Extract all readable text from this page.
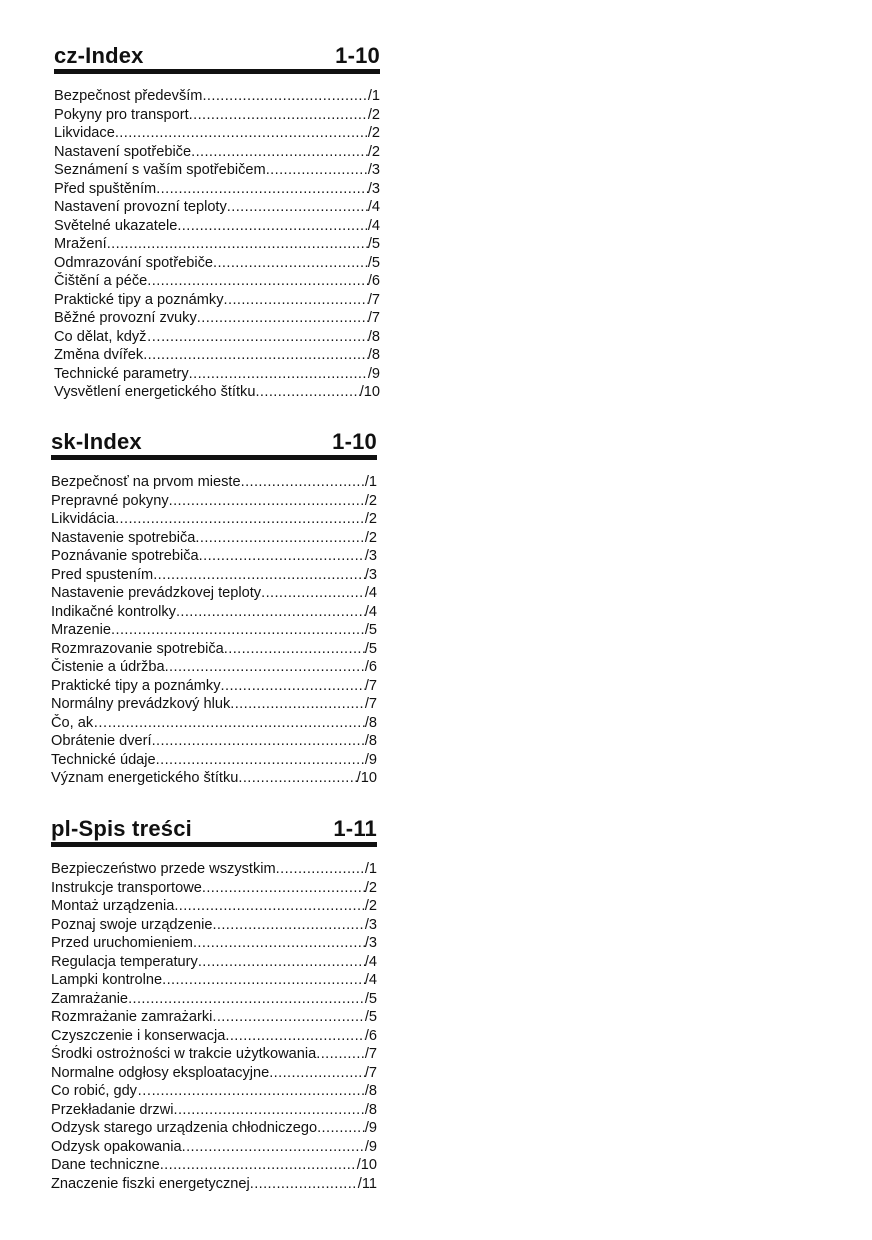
cz-Index	1-10
Bezpečnost především .....	/1
Pokyny pro transport .....	/2
Likvidace .....	/2
Nastavení spotřebiče .....	/2
Seznámení s vaším spotřebičem .....	/3
Před spuštěním .....	/3
Nastavení provozní teploty .....	/4
Světelné ukazatele .....	/4
Mražení .....	/5
Odmrazování spotřebiče .....	/5
Čištění a péče .....	/6
Praktické tipy a poznámky .....	/7
Běžné provozní zvuky .....	/7
Co dělat, když… .....	/8
Změna dvířek .....	/8
Technické parametry .....	/9
Vysvětlení energetického štítku .....	/10
sk-Index	1-10
Bezpečnosť na prvom mieste .....	/1
Prepravné pokyny .....	/2
Likvidácia .....	/2
Nastavenie spotrebiča .....	/2
Poznávanie spotrebiča .....	/3
Pred spustením .....	/3
Nastavenie prevádzkovej teploty .....	/4
Indikačné kontrolky .....	/4
Mrazenie .....	/5
Rozmrazovanie spotrebiča .....	/5
Čistenie a údržba .....	/6
Praktické tipy a poznámky .....	/7
Normálny prevádzkový hluk .....	/7
Čo, ak… .....	/8
Obrátenie dverí .....	/8
Technické údaje .....	/9
Význam energetického štítku .....	/10
pl-Spis treści	1-11
Bezpieczeństwo przede wszystkim .....	/1
Instrukcje transportowe .....	/2
Montaż urządzenia .....	/2
Poznaj swoje urządzenie .....	/3
Przed uruchomieniem .....	/3
Regulacja temperatury .....	/4
Lampki kontrolne .....	/4
Zamrażanie .....	/5
Rozmrażanie zamrażarki .....	/5
Czyszczenie i konserwacja .....	/6
Środki ostrożności w trakcie użytkowania .....	/7
Normalne odgłosy eksploatacyjne .....	/7
Co robić, gdy… .....	/8
Przekładanie drzwi .....	/8
Odzysk starego urządzenia chłodniczego .....	/9
Odzysk opakowania .....	/9
Dane techniczne .....	/10
Znaczenie fiszki energetycznej .....	/11
